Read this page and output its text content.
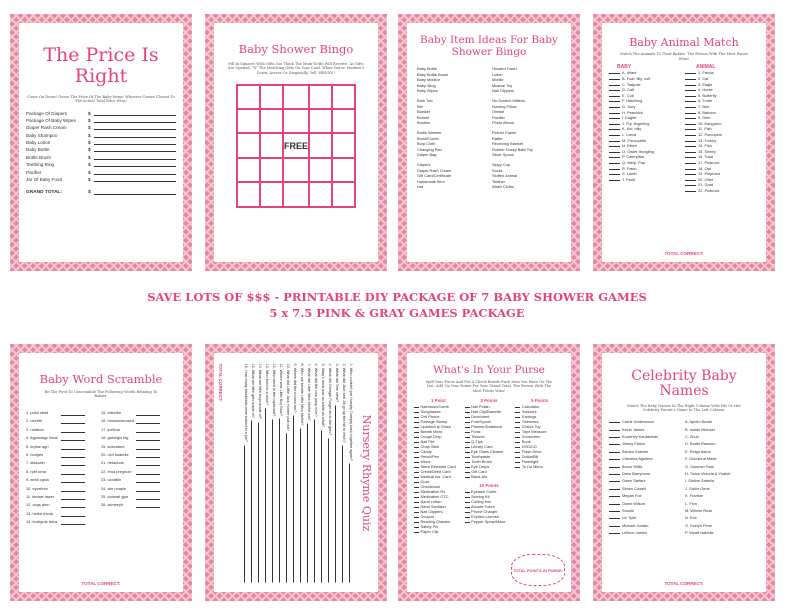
The Price Is Right
Come On Down! Guess The Price Of The Baby Items. Whoever Comes Closest To The Actual Total Price Wins!
Package Of Diapers	$
Package Of Baby Wipes	$
Diaper Rash Cream	$
Baby Shampoo	$
Baby Lotion	$
Baby Bottle	$
Bottle Brush	$
Teething Ring	$
Pacifier	$
Jar Of Baby Food	$
GRAND TOTAL:	$
Baby Shower Bingo
Fill In Squares With Gifts You Think The Mom-To-Be Will Receive. As Gifts Are Opened, "X" The Matching Gifts On Your Card. When You've Marked 5 Down, Across Or Diagonally, Yell "BINGO!"
FREE
Baby Item Ideas For Baby Shower Bingo
Baby Bottle
Baby Bottle Brush
Baby Monitor
Baby Sling
Baby Wipes
Bath Tub
Bib
Blanket
Bonnet
Booties
Bottle Warmer
Brush/Comb
Burp Cloth
Changing Pad
Diaper Bag
Diapers
Diaper Rash Cream
Gift Card/Certificate
Handmade Item
Hat
Hooded Towel
Lotion
Mobile
Musical Toy
Nail Clippers
No-Scratch Mittens
Nursing Pillow
Onesie
Pacifier
Photo Album
Picture Frame
Rattle
Receiving Blanket
Rubber Ducky Bath Toy
Silver Spoon
Sippy Cup
Socks
Stuffed Animal
Teether
Wash Cloths
Baby Animal Match
Match The Animals To Their Babies. The Person With The Most Points Wins!
BABY	ANIMAL
A. Infant
B. Foal, filly, colt
C. Tadpole
D. Calf
E. Cub
F. Hatchling
G. Joey
H. Peachick
I. Eaglet
J. Fry, fingerling
K. Kid, billy
L. Larva
M. Porcupette
N. Kitten
O. Owlet, fledgling
P. Caterpillar
Q. Welp, Pup
R. Fawn
S. Lamb
T. Poult
1. Panda
2. Cat
3. Eagle
4. Horse
5. Butterfly
6. Turtle
7. Bee
8. Baboon
9. Deer
10. Kangaroo
11. Fish
12. Porcupine
13. Turkey
14. Fish
15. Sheep
16. Toad
17. Peacock
18. Owl
19. Elephant
20. Otter
21. Goat
22. Peacock
TOTAL CORRECT:
SAVE LOTS OF $$$ - PRINTABLE DIY PACKAGE OF 7 BABY SHOWER GAMES
5 x 7.5 PINK & GRAY GAMES PACKAGE
Baby Word Scramble
Be The First To Unscramble The Following Words Relating To Babies.
1. pubs otold
2. oeerlth
3. rahtttcic
4. ttgpsnaigc hleat
5. teyfae agrl
6. bodges
7. sbiacaln
8. rpbt orba
9. ahhil cgxla
10. eyorrlreo
11. bedwe lawer
12. ocgs ahrn
13. heibe rhlota
14. bodrgmk brica
15. etienlbe
16. hmsoonsnosed
17. lpeifcar
18. gahnlgio blg
19. sobcraled
20. rich bsatmia
21. rfetadoue
22. eroa pregnuin
23. ucodbih
24. wie nnaple
25. polarati gpa
26. alvneeyir
TOTAL CORRECT:
Nursery Rhyme Quiz
1. Who couldn't put Humpty Dumpty back together again?
2. What did Jack and Jill go up the hill to fetch?
3. What did Tom steal?
4. What did Georgie Porgie do to the girls?
5. Mary's lamb was as white as what?
6. What did the cow jump over?
7. What did Little Miss Muffet eat?
8. Who sat beside Little Miss Muffet?
9. Where did the mouse run?
10. What did Little Jack Horner pull out?
11. Where was Little Boy Blue?
12. Who went to the cupboard?
13. Who lived in a shoe?
14. What are little boys made of?
15. What are little girls made of?
16. How many blackbirds were baked in a pie?
TOTAL CORRECT:	What's In Your Purse
Spill Your Purse And Put A Check Beside Each Item You Have On The List. Add Up Your Points For Your Grand Total. The Person With The Most Points Wins!
1 Point
Hairbrush/Comb
Sunglasses
Cell Phone
Postage Stamp
Lipstick/Lip Gloss
Breath Mints
Cough Drop
Nail File
Chap Stick
Candy
Pencil/Pen
Mirror
Store Rewards Card
Credit/Debit Card
Medical Ins. Card
Gum
Checkbook
Medication Rx
Medication OTC
Hand Lotion
Hand Sanitizer
Nail Clippers
Coupon
Reading Glasses
Safety Pin
Paper Clip
2 Points
Nail Polish
Hair Clip/Barrette
Deodorant
Fork/Spoon
Planner/Datebook
Floss
Tissues
Q-Tips
Library Card
Eye Glass Cleaner
Toothpaste
Tooth Brush
Eye Drops
Gift Card
Band-Aid
10 Points
Eyelash Curler
Sewing Kit
Curling Iron
Arcade Token
Phone Charger
Expired License
Pepper Spray/Mace
5 Points
Calculator
Scissors
Earrings
Tweezers
Child's Toy
Tape Measure
Sunscreen
Book
DVD/CD
Flash Drive
Dollar/Bill
Flashlight
To Do Menu
TOTAL POINTS IN PURSE:
Celebrity Baby Names
Match The Baby Names In The Right Column With His Or Her Celebrity Parent's Name In The Left Column.
Carrie Underwood
Kevin James
Kourtney Kardashian
Jimmy Fallon
Ashton Kutcher
Christina Aguilera
Bruce Willis
Drew Barrymore
Gwen Stefani
Simon Cowell
Megan Fox
Owen Wilson
Snooki
Liv Tyler
Michael Jordan
LeBron James
A. Apollo Bowie
B. Isaiah Michael
C. Zhuri
D. Bodhi Ransom
E. Reign Aston
F. Giovanna Marie
G. Summer Rain
H. Twins Victoria & Ysabel
I. Sistine Sabella
J. Sailor Gene
K. Frankie
L. Finn
M. Winnie Rose
N. Eric
O. Evelyn Penn
P. Wyatt Isabelle
TOTAL CORRECT:
